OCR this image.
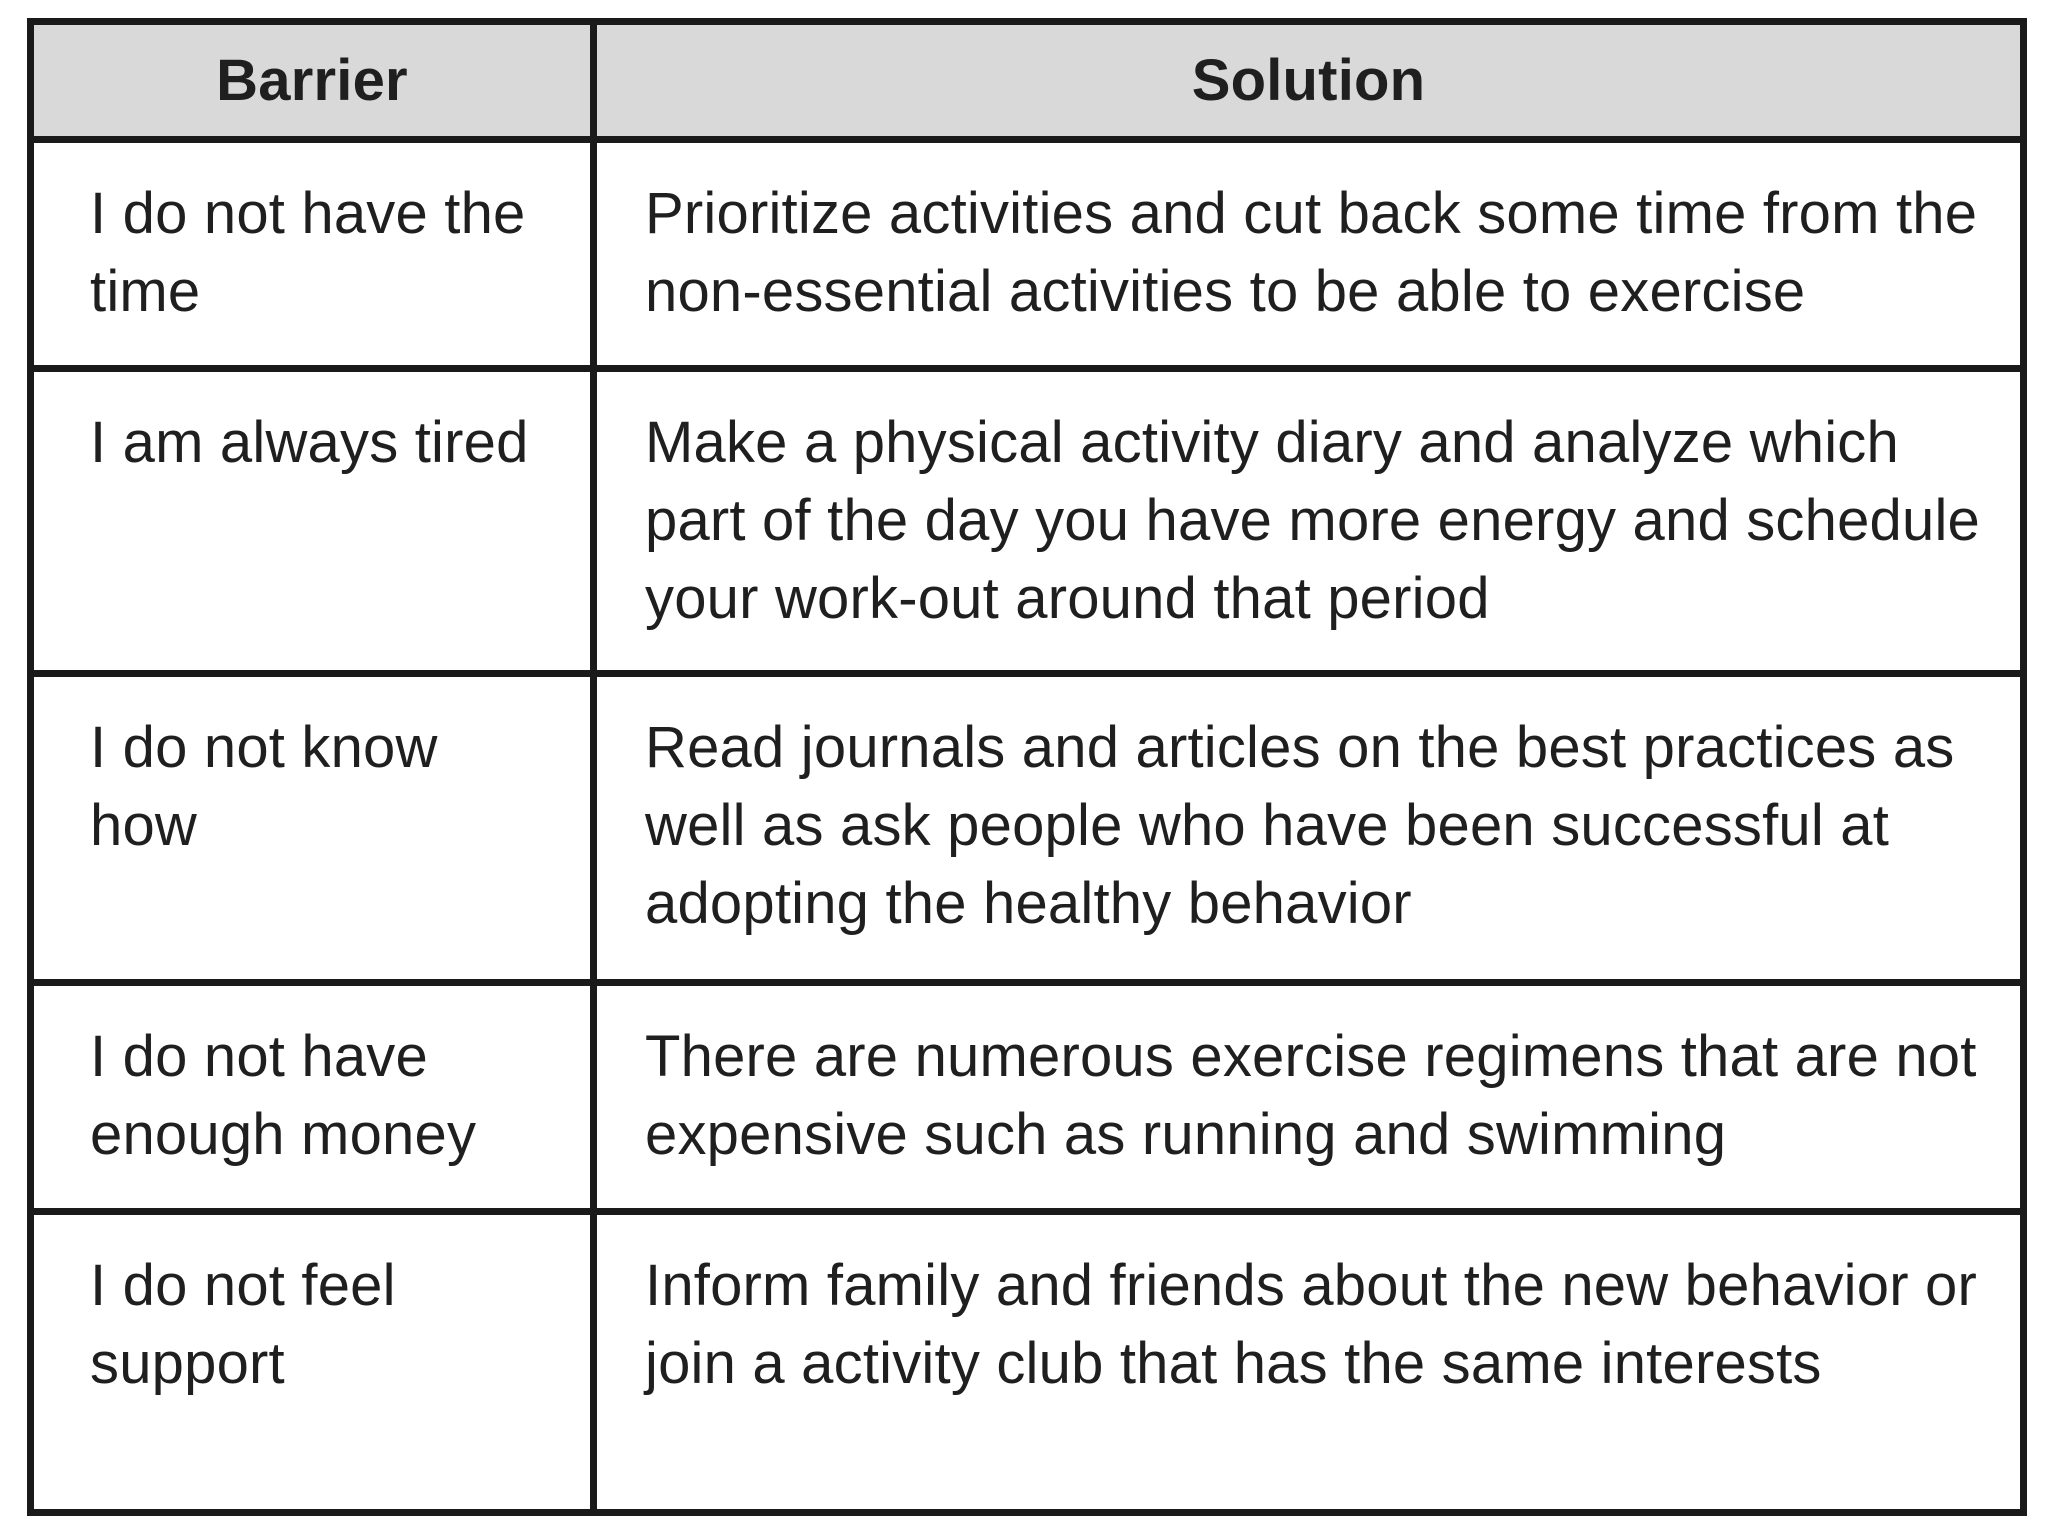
Barrier	Solution
I do not have the time	Prioritize activities and cut back some time from the non-essential activities to be able to exercise
I am always tired	Make a physical activity diary and analyze which part of the day you have more energy and schedule your work-out around that period
I do not know how	Read journals and articles on the best practices as well as ask people who have been successful at adopting the healthy behavior
I do not have enough money	There are numerous exercise regimens that are not expensive such as running and swimming
I do not feel support	Inform family and friends about the new behavior or join a activity club that has the same interests
